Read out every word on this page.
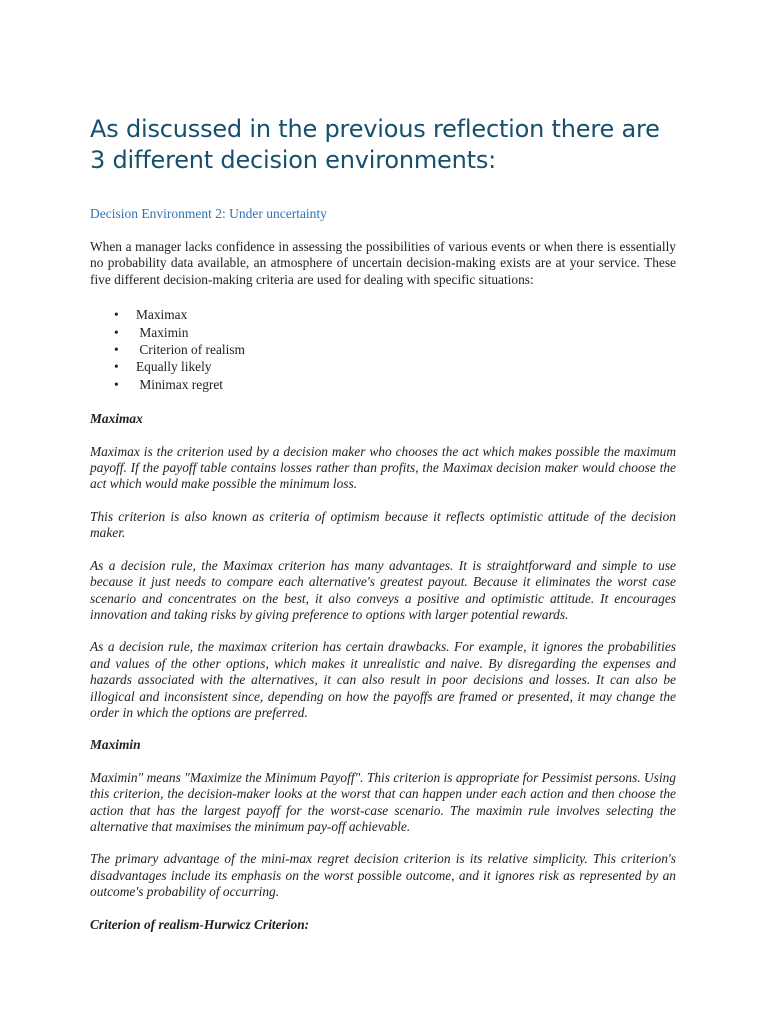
As discussed in the previous reflection there are 3 different decision environments:
Decision Environment 2: Under uncertainty

When a manager lacks confidence in assessing the possibilities of various events or when there is essentially no probability data available, an atmosphere of uncertain decision-making exists are at your service. These five different decision-making criteria are used for dealing with specific situations:

• Maximax
•  Maximin
•  Criterion of realism
• Equally likely
•  Minimax regret
Maximax

Maximax is the criterion used by a decision maker who chooses the act which makes possible the maximum payoff. If the payoff table contains losses rather than profits, the Maximax decision maker would choose the act which would make possible the minimum loss.

This criterion is also known as criteria of optimism because it reflects optimistic attitude of the decision maker.

As a decision rule, the Maximax criterion has many advantages. It is straightforward and simple to use because it just needs to compare each alternative's greatest payout. Because it eliminates the worst case scenario and concentrates on the best, it also conveys a positive and optimistic attitude. It encourages innovation and taking risks by giving preference to options with larger potential rewards.

As a decision rule, the maximax criterion has certain drawbacks. For example, it ignores the probabilities and values of the other options, which makes it unrealistic and naive. By disregarding the expenses and hazards associated with the alternatives, it can also result in poor decisions and losses. It can also be illogical and inconsistent since, depending on how the payoffs are framed or presented, it may change the order in which the options are preferred.

Maximin

Maximin" means "Maximize the Minimum Payoff". This criterion is appropriate for Pessimist persons. Using this criterion, the decision-maker looks at the worst that can happen under each action and then choose the action that has the largest payoff for the worst-case scenario. The maximin rule involves selecting the alternative that maximises the minimum pay-off achievable.

The primary advantage of the mini-max regret decision criterion is its relative simplicity. This criterion's disadvantages include its emphasis on the worst possible outcome, and it ignores risk as represented by an outcome's probability of occurring.

Criterion of realism-Hurwicz Criterion:
